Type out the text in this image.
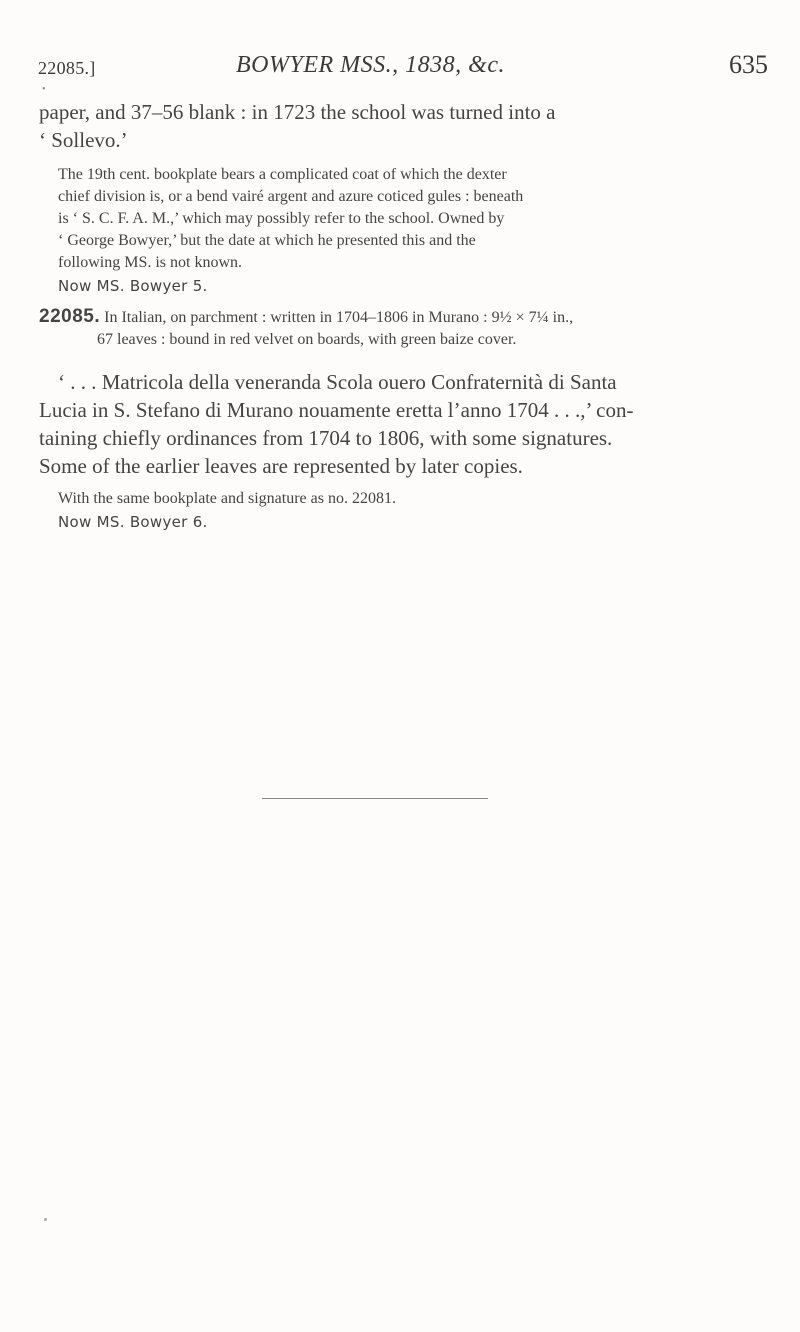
22085.]	BOWYER MSS., 1838, &c.	635
•
paper, and 37–56 blank : in 1723 the school was turned into a
‘ Sollevo.’
The 19th cent. bookplate bears a complicated coat of which the dexter
chief division is, or a bend vairé argent and azure coticed gules : beneath
is ‘ S. C. F. A. M.,’ which may possibly refer to the school. Owned by
‘ George Bowyer,’ but the date at which he presented this and the
following MS. is not known.
Now MS. Bowyer 5.
22085. In Italian, on parchment : written in 1704–1806 in Murano : 9½ × 7¼ in.,
67 leaves : bound in red velvet on boards, with green baize cover.
‘ . . . Matricola della veneranda Scola ouero Confraternità di Santa
Lucia in S. Stefano di Murano nouamente eretta l’anno 1704 . . .,’ con-
taining chiefly ordinances from 1704 to 1806, with some signatures.
Some of the earlier leaves are represented by later copies.
With the same bookplate and signature as no. 22081.
Now MS. Bowyer 6.
